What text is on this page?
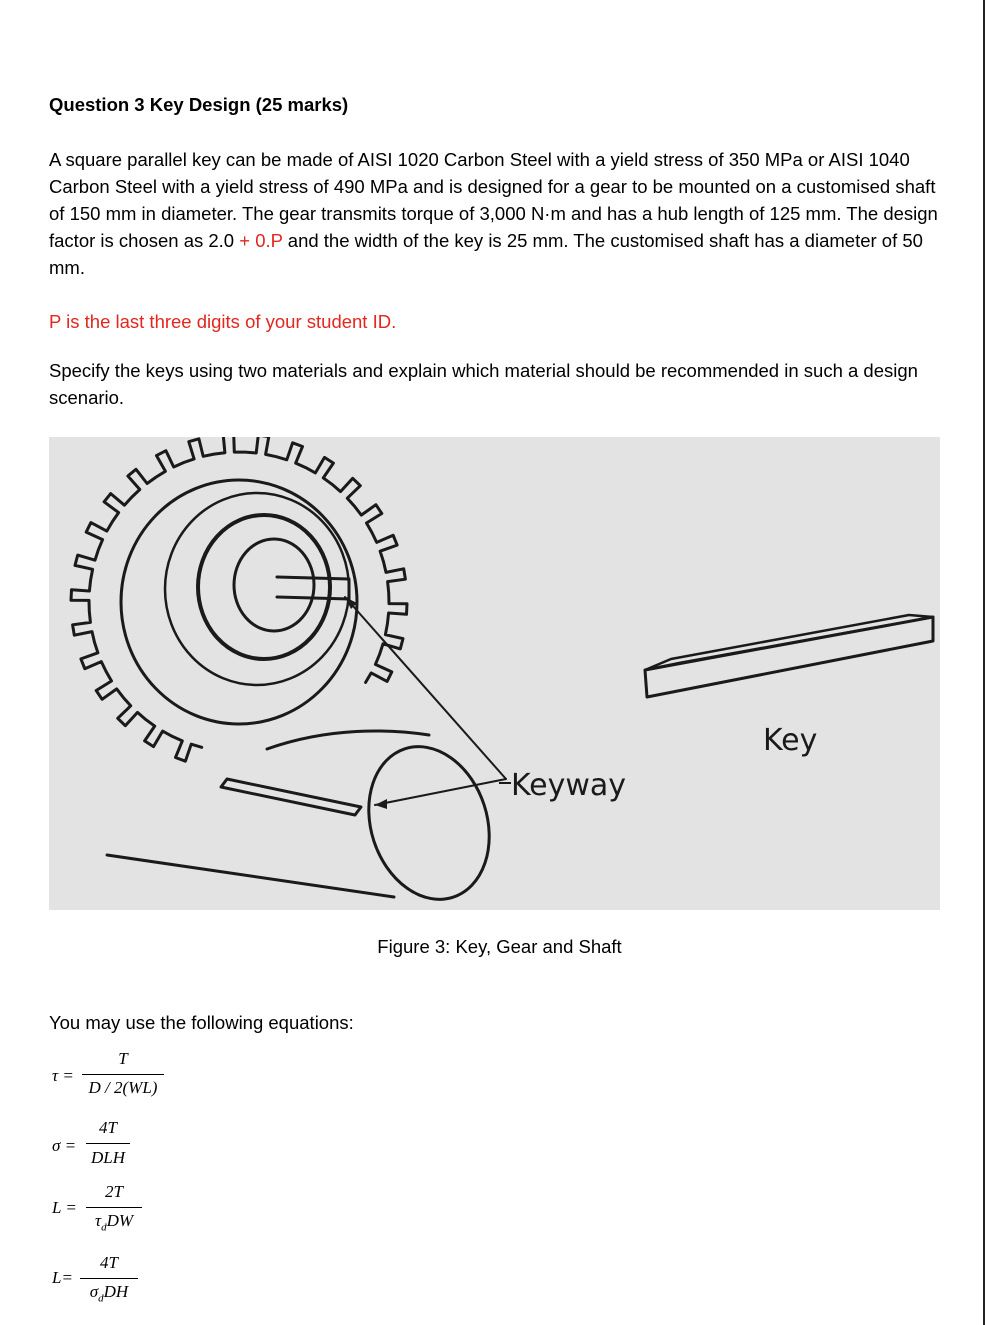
Question 3 Key Design (25 marks)
A square parallel key can be made of AISI 1020 Carbon Steel with a yield stress of 350 MPa or AISI 1040 Carbon Steel with a yield stress of 490 MPa and is designed for a gear to be mounted on a customised shaft of 150 mm in diameter. The gear transmits torque of 3,000 N·m and has a hub length of 125 mm. The design factor is chosen as 2.0 + 0.P and the width of the key is 25 mm. The customised shaft has a diameter of 50 mm.
P is the last three digits of your student ID.
Specify the keys using two materials and explain which material should be recommended in such a design scenario.
Keyway
Key
Figure 3: Key, Gear and Shaft
You may use the following equations:
τ =
T
D / 2(WL)
σ =
4T
DLH
L =
2T
$\tau_dDW$
L=
4T
$\sigma_dDH$
